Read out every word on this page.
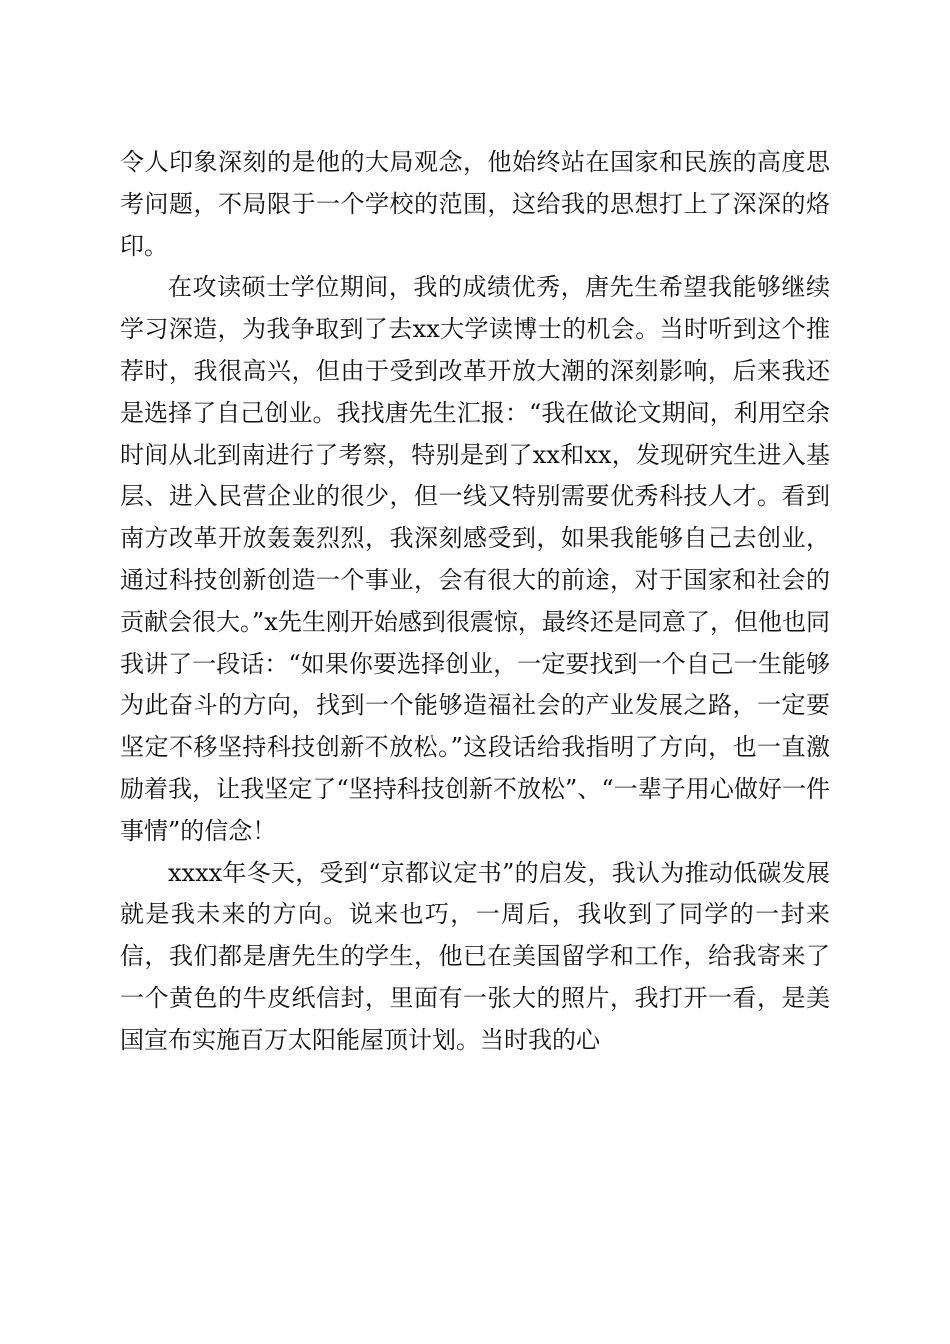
令人印象深刻的是他的大局观念，他始终站在国家和民族的高度思考问题，不局限于一个学校的范围，这给我的思想打上了深深的烙印。

在攻读硕士学位期间，我的成绩优秀，唐先生希望我能够继续学习深造，为我争取到了去xx大学读博士的机会。当时听到这个推荐时，我很高兴，但由于受到改革开放大潮的深刻影响，后来我还是选择了自己创业。我找唐先生汇报：“我在做论文期间，利用空余时间从北到南进行了考察，特别是到了xx和xx，发现研究生进入基层、进入民营企业的很少，但一线又特别需要优秀科技人才。看到南方改革开放轰轰烈烈，我深刻感受到，如果我能够自己去创业，通过科技创新创造一个事业，会有很大的前途，对于国家和社会的贡献会很大。”x先生刚开始感到很震惊，最终还是同意了，但他也同我讲了一段话：“如果你要选择创业，一定要找到一个自己一生能够为此奋斗的方向，找到一个能够造福社会的产业发展之路，一定要坚定不移坚持科技创新不放松。”这段话给我指明了方向，也一直激励着我，让我坚定了“坚持科技创新不放松”、“一辈子用心做好一件事情”的信念！

xxxx年冬天，受到“京都议定书”的启发，我认为推动低碳发展就是我未来的方向。说来也巧，一周后，我收到了同学的一封来信，我们都是唐先生的学生，他已在美国留学和工作，给我寄来了一个黄色的牛皮纸信封，里面有一张大的照片，我打开一看，是美国宣布实施百万太阳能屋顶计划。当时我的心
